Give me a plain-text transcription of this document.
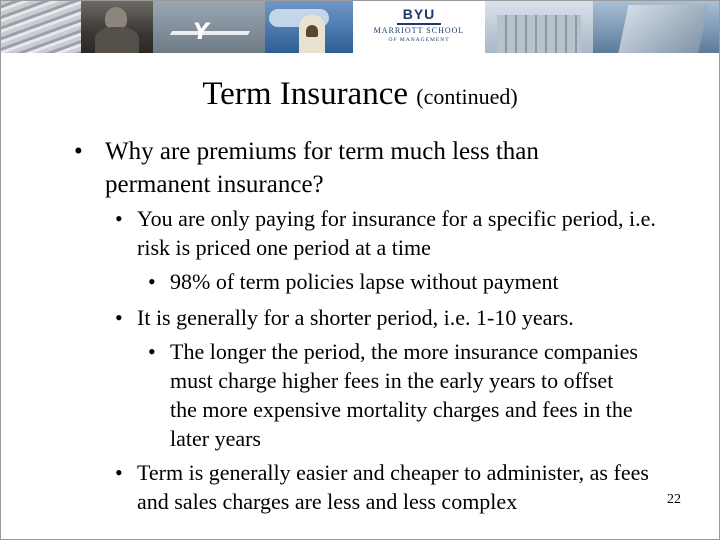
Y
BYU
MARRIOTT SCHOOL
OF MANAGEMENT
Term Insurance (continued)
• Why are premiums for term much less than permanent insurance?
• You are only paying for insurance for a specific period, i.e. risk is priced one period at a time
• 98% of term policies lapse without payment
• It is generally for a shorter period, i.e. 1-10 years.
• The longer the period, the more insurance companies must charge higher fees in the early years to offset the more expensive mortality charges and fees in the later years
• Term is generally easier and cheaper to administer, as fees and sales charges are less and less complex	22
